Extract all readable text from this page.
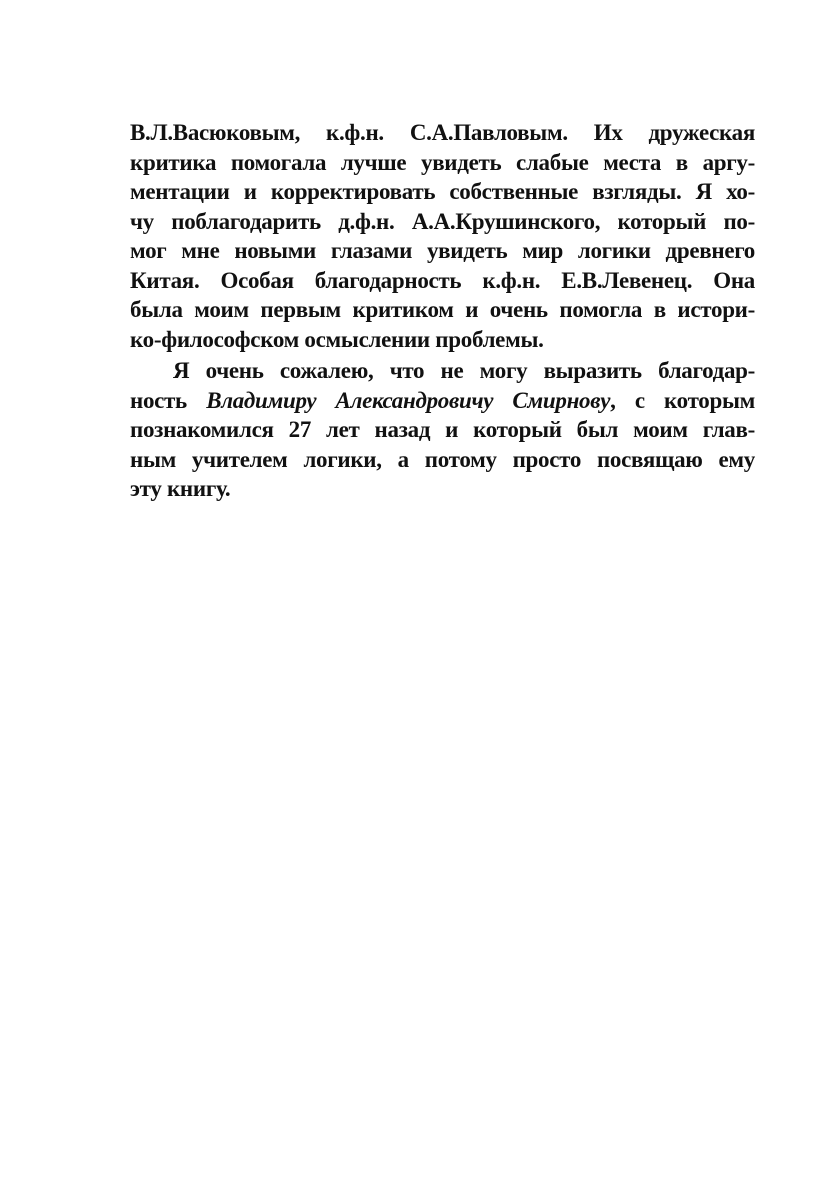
В.Л.Васюковым, к.ф.н. С.А.Павловым. Их дружеская
критика помогала лучше увидеть слабые места в аргу-
ментации и корректировать собственные взгляды. Я хо-
чу поблагодарить д.ф.н. А.А.Крушинского, который по-
мог мне новыми глазами увидеть мир логики древнего
Китая. Особая благодарность к.ф.н. Е.В.Левенец. Она
была моим первым критиком и очень помогла в истори-
ко-философском осмыслении проблемы.
Я очень сожалею, что не могу выразить благодар-
ность Владимиру Александровичу Смирнову, с которым
познакомился 27 лет назад и который был моим глав-
ным учителем логики, а потому просто посвящаю ему
эту книгу.
